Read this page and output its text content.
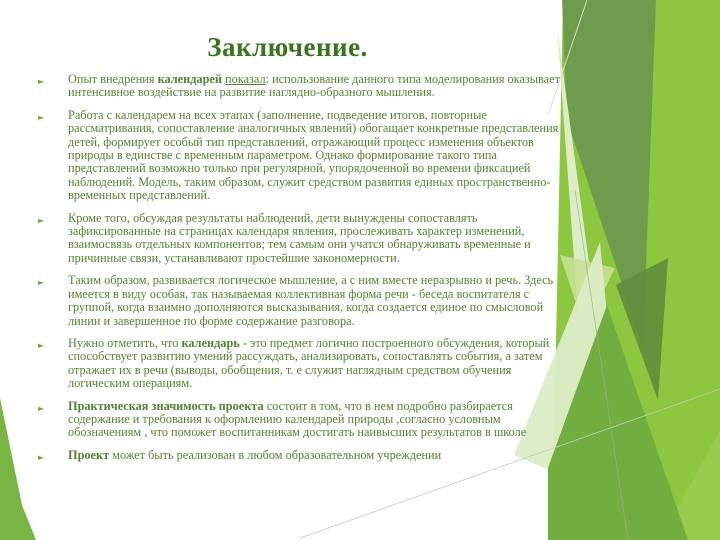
Заключение.
►	Опыт внедрения календарей показал: использование данного типа моделирования оказывает интенсивное воздействие на развитие наглядно-образного мышления.
►	Работа с календарем на всех этапах (заполнение, подведение итогов, повторные рассматривания, сопоставление аналогичных явлений) обогащает конкретные представления детей, формирует особый тип представлений, отражающий процесс изменения объектов природы в единстве с временным параметром. Однако формирование такого типа представлений возможно только при регулярной, упорядоченной во времени фиксацией наблюдений. Модель, таким образом, служит средством развития единых пространственно-временных представлений.
►	Кроме того, обсуждая результаты наблюдений, дети вынуждены сопоставлять зафиксированные на страницах календаря явления, прослеживать характер изменений, взаимосвязь отдельных компонентов; тем самым они учатся обнаруживать временные и причинные связи, устанавливают простейшие закономерности.
►	Таким образом, развивается логическое мышление, а с ним вместе неразрывно и речь. Здесь имеется в виду особая, так называемая коллективная форма речи - беседа воспитателя с группой, когда взаимно дополняются высказывания, когда создается единое по смысловой линии и завершенное по форме содержание разговора.
►	Нужно отметить, что календарь - это предмет логично построенного обсуждения, который способствует развитию умений рассуждать, анализировать, сопоставлять события, а затем отражает их в речи (выводы, обобщения, т. е служит наглядным средством обучения логическим операциям.
►	Практическая значимость проекта состоит в том, что в нем подробно разбирается содержание и требования к оформлению календарей природы ,согласно условным обозначениям , что поможет воспитанникам достигать наивысших результатов в школе
►	Проект может быть реализован в любом образовательном учреждении
